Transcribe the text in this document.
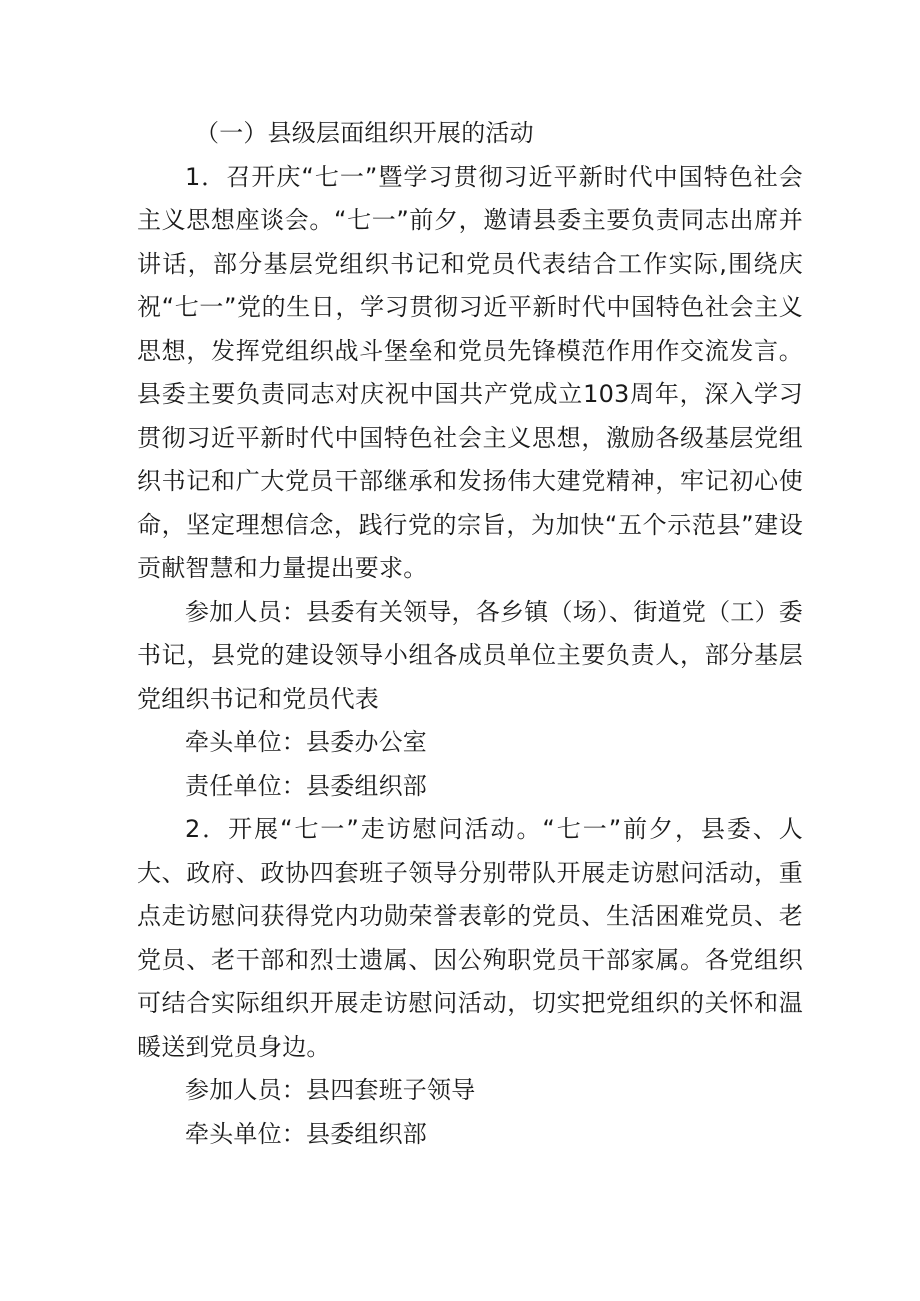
（一）县级层面组织开展的活动

1．召开庆“七一”暨学习贯彻习近平新时代中国特色社会主义思想座谈会。“七一”前夕，邀请县委主要负责同志出席并讲话，部分基层党组织书记和党员代表结合工作实际,围绕庆祝“七一”党的生日，学习贯彻习近平新时代中国特色社会主义思想，发挥党组织战斗堡垒和党员先锋模范作用作交流发言。县委主要负责同志对庆祝中国共产党成立103周年，深入学习贯彻习近平新时代中国特色社会主义思想，激励各级基层党组织书记和广大党员干部继承和发扬伟大建党精神，牢记初心使命，坚定理想信念，践行党的宗旨，为加快“五个示范县”建设贡献智慧和力量提出要求。

参加人员：县委有关领导，各乡镇（场）、街道党（工）委书记，县党的建设领导小组各成员单位主要负责人，部分基层党组织书记和党员代表

牵头单位：县委办公室

责任单位：县委组织部

2．开展“七一”走访慰问活动。“七一”前夕，县委、人大、政府、政协四套班子领导分别带队开展走访慰问活动，重点走访慰问获得党内功勋荣誉表彰的党员、生活困难党员、老党员、老干部和烈士遗属、因公殉职党员干部家属。各党组织可结合实际组织开展走访慰问活动，切实把党组织的关怀和温暖送到党员身边。

参加人员：县四套班子领导

牵头单位：县委组织部
